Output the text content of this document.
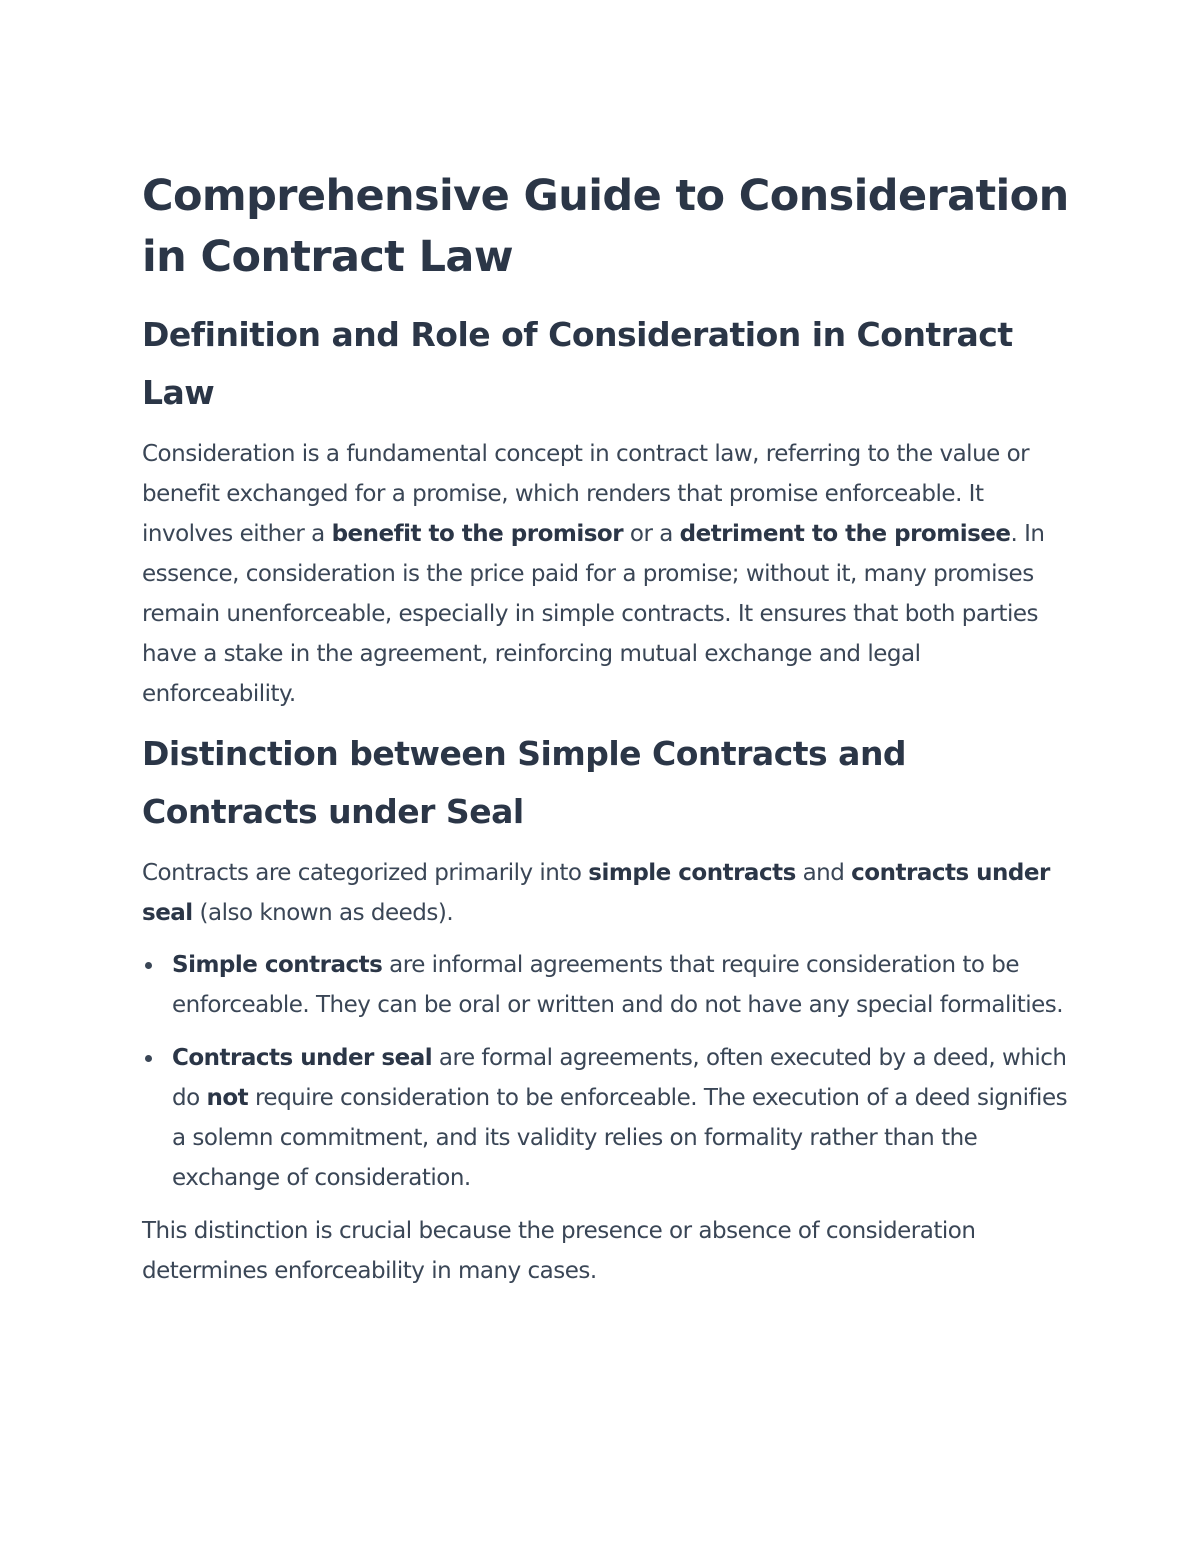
Comprehensive Guide to Consideration in Contract Law
Definition and Role of Consideration in Contract Law

Consideration is a fundamental concept in contract law, referring to the value or benefit exchanged for a promise, which renders that promise enforceable. It involves either a benefit to the promisor or a detriment to the promisee. In essence, consideration is the price paid for a promise; without it, many promises remain unenforceable, especially in simple contracts. It ensures that both parties have a stake in the agreement, reinforcing mutual exchange and legal enforceability.

Distinction between Simple Contracts and Contracts under Seal

Contracts are categorized primarily into simple contracts and contracts under seal (also known as deeds).

Simple contracts are informal agreements that require consideration to be enforceable. They can be oral or written and do not have any special formalities.
Contracts under seal are formal agreements, often executed by a deed, which do not require consideration to be enforceable. The execution of a deed signifies a solemn commitment, and its validity relies on formality rather than the exchange of consideration.

This distinction is crucial because the presence or absence of consideration determines enforceability in many cases.
